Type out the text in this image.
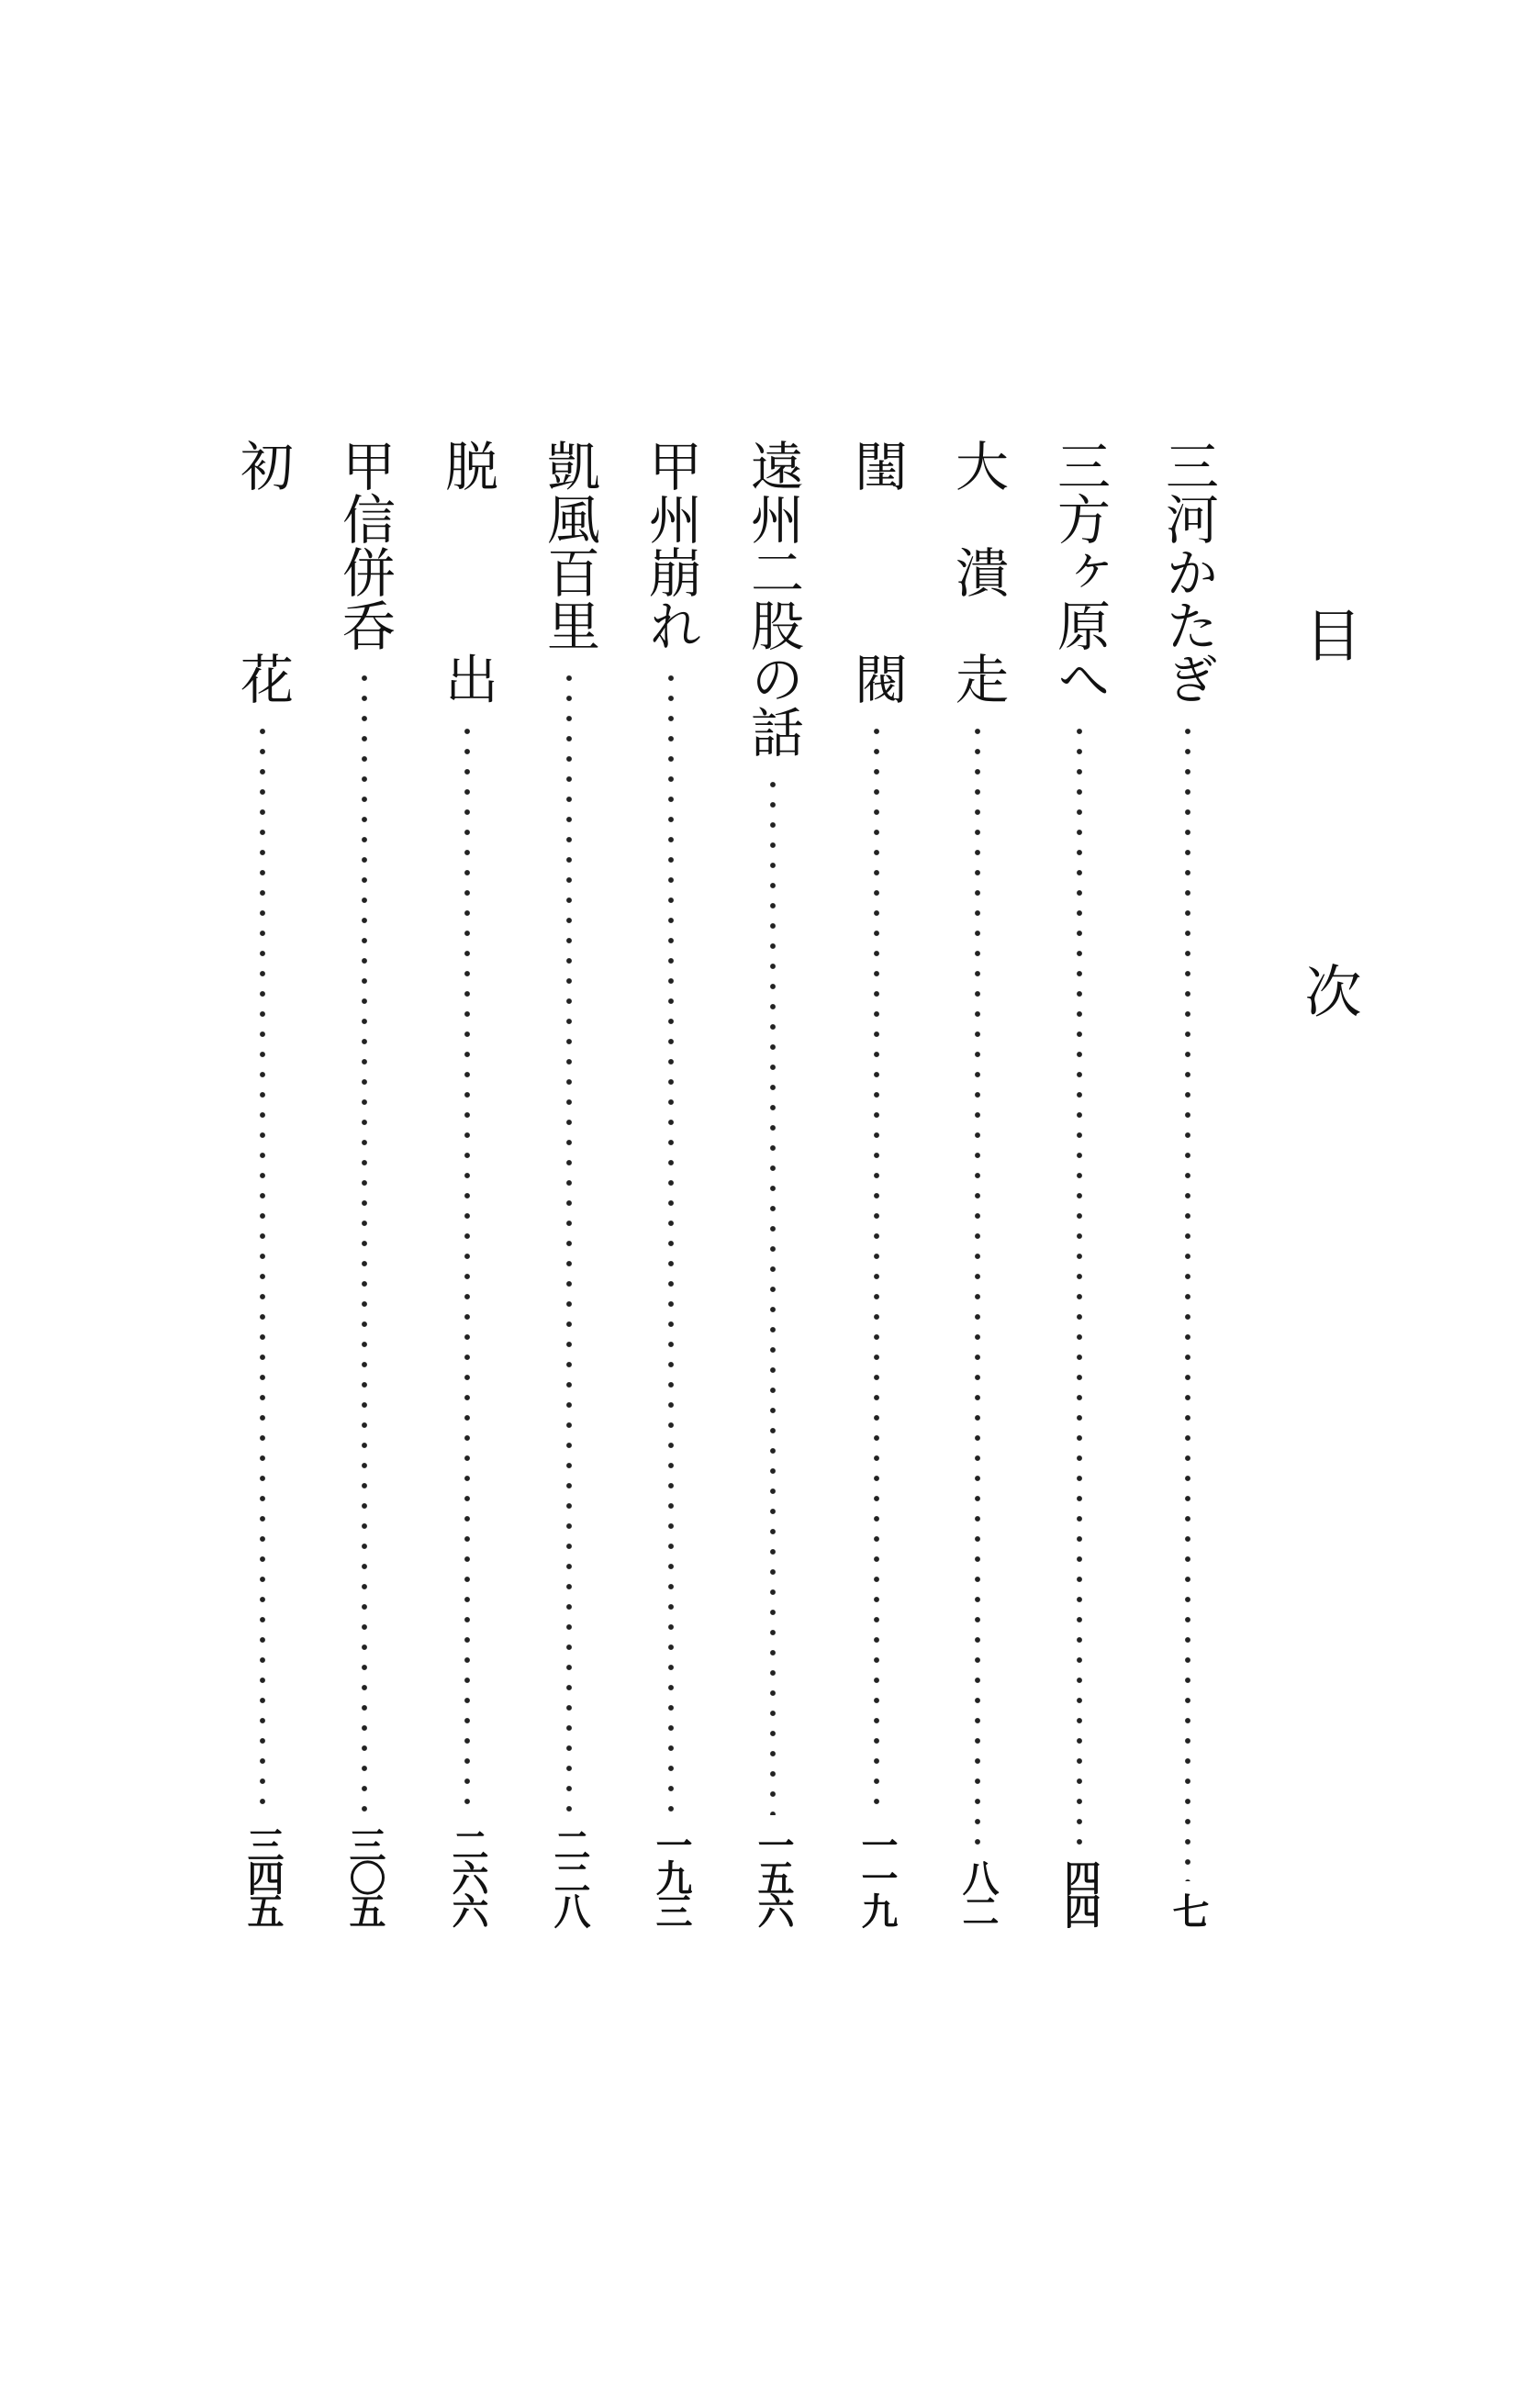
目　次
三河かたぎ
七
三方ヶ原へ
四四
大　潰　走
八二
閨　　　閥
一一九
遠州二股の話
一五六
甲州崩れ
一九三
凱風百里
二二八
脱　　　出
二六六
甲信併呑
三〇五
初　　　花
三四五
